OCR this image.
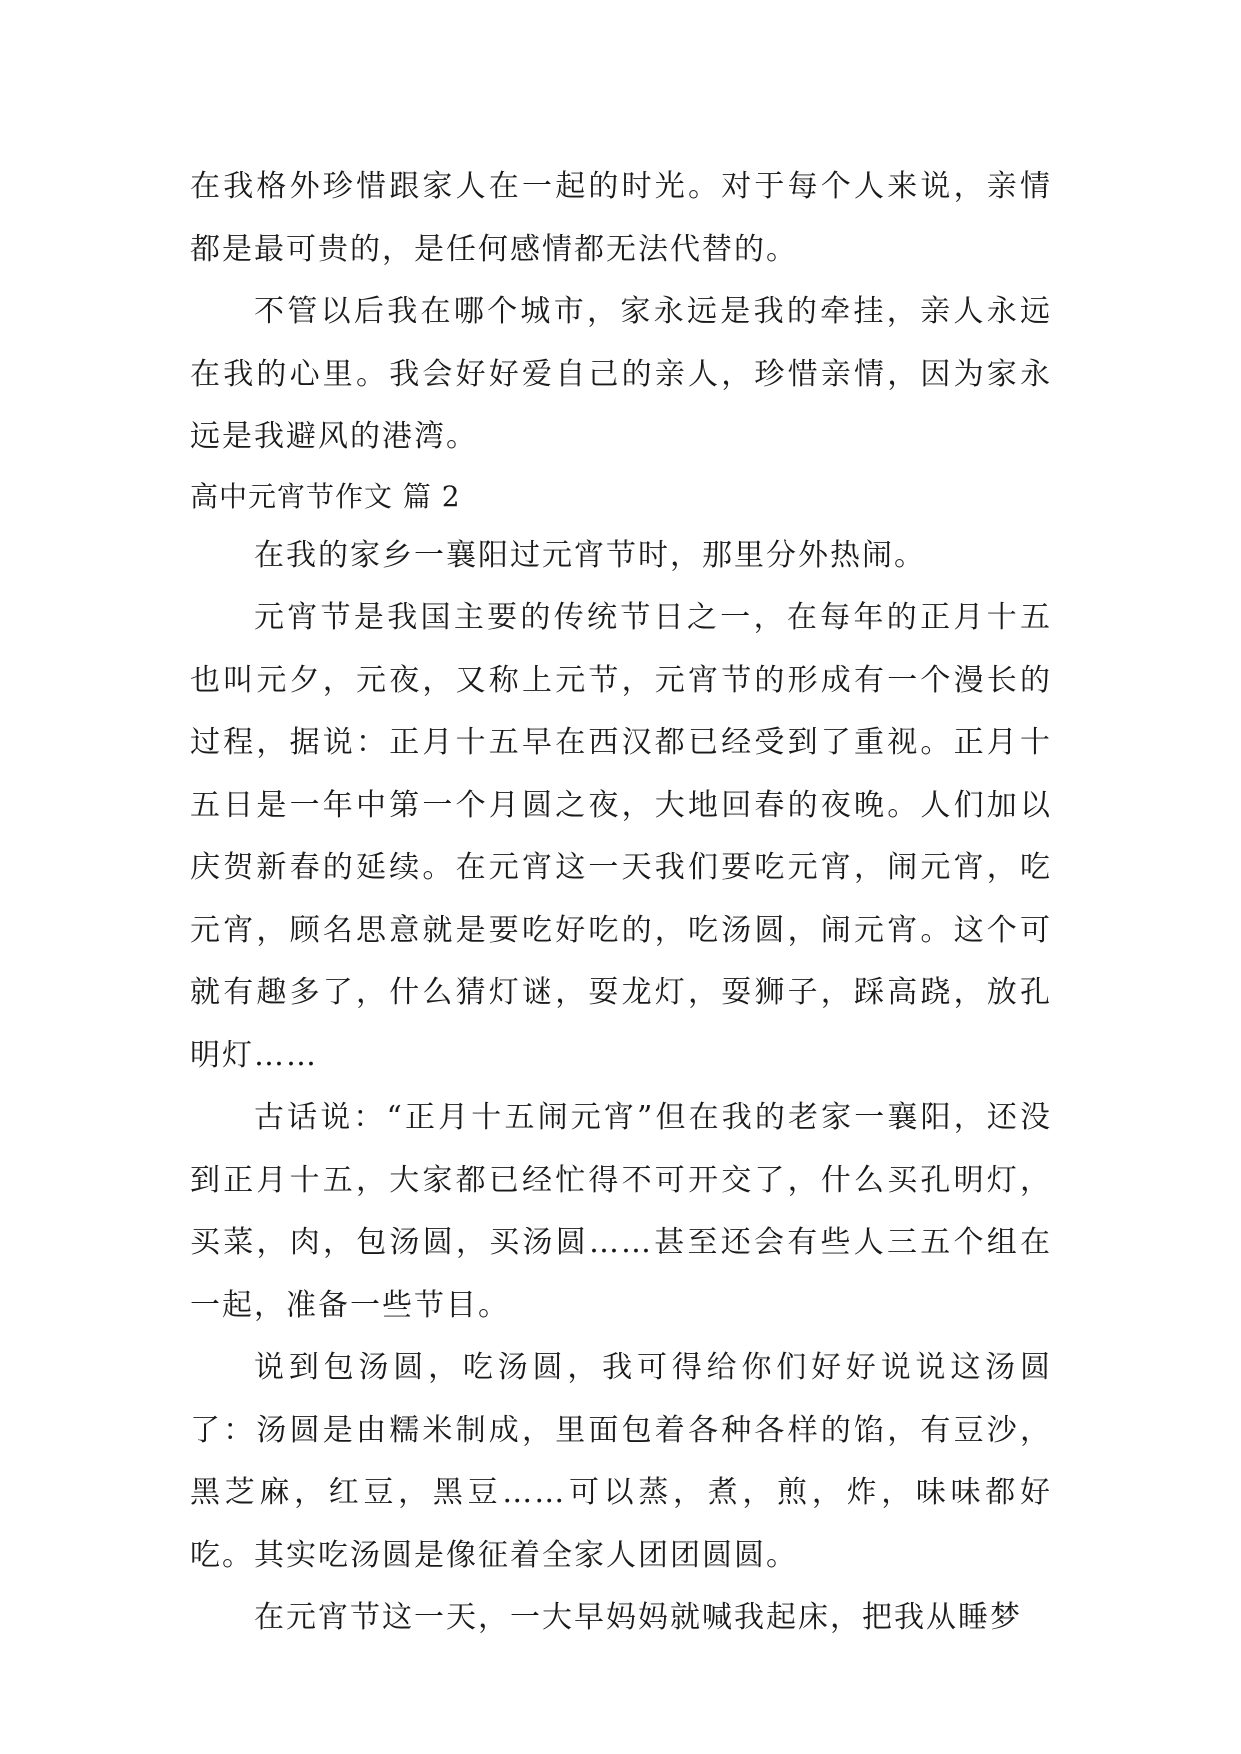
在我格外珍惜跟家人在一起的时光。对于每个人来说，亲情都是最可贵的，是任何感情都无法代替的。

不管以后我在哪个城市，家永远是我的牵挂，亲人永远在我的心里。我会好好爱自己的亲人，珍惜亲情，因为家永远是我避风的港湾。

高中元宵节作文 篇 2

在我的家乡一襄阳过元宵节时，那里分外热闹。

元宵节是我国主要的传统节日之一，在每年的正月十五也叫元夕，元夜，又称上元节，元宵节的形成有一个漫长的过程，据说：正月十五早在西汉都已经受到了重视。正月十五日是一年中第一个月圆之夜，大地回春的夜晚。人们加以庆贺新春的延续。在元宵这一天我们要吃元宵，闹元宵，吃元宵，顾名思意就是要吃好吃的，吃汤圆，闹元宵。这个可就有趣多了，什么猜灯谜，耍龙灯，耍狮子，踩高跷，放孔明灯……

古话说：“正月十五闹元宵”但在我的老家一襄阳，还没到正月十五，大家都已经忙得不可开交了，什么买孔明灯，买菜，肉，包汤圆，买汤圆……甚至还会有些人三五个组在一起，准备一些节目。

说到包汤圆，吃汤圆，我可得给你们好好说说这汤圆了：汤圆是由糯米制成，里面包着各种各样的馅，有豆沙，黑芝麻，红豆，黑豆……可以蒸，煮，煎，炸，味味都好吃。其实吃汤圆是像征着全家人团团圆圆。

在元宵节这一天，一大早妈妈就喊我起床，把我从睡梦
